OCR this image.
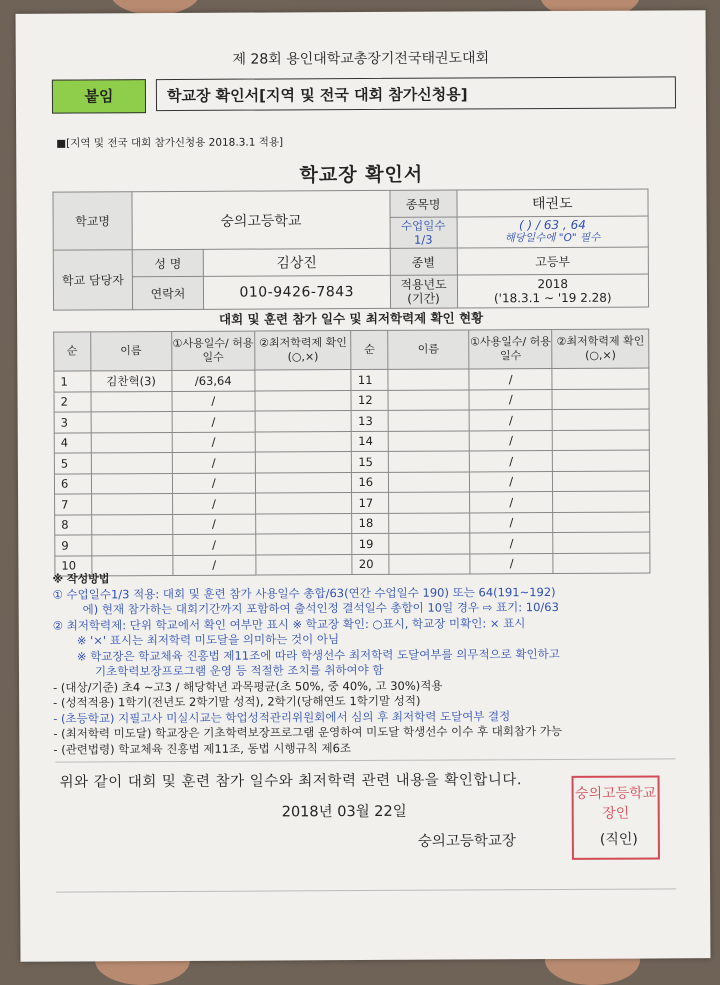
제 28회 용인대학교총장기전국태권도대회
붙임	학교장 확인서[지역 및 전국 대회 참가신청용]
■[지역 및 전국 대회 참가신청용 2018.3.1 적용]
학교장 확인서
학교명	숭의고등학교		종목명	태권도
			수업일수 1/3	( ) / 63 , 64
해당일수에 "O" 필수

학교 담당자	성 명	김상진	종별	고등부
	연락처	010-9426-7843	적용년도 (기간)	2018
('18.3.1 ~ '19 2.28)
대회 및 훈련 참가 일수 및 최저학력제 확인 현황
순	이름	①사용일수/ 허용일수	②최저학력제 확인(○,×)	순	이름	①사용일수/ 허용일수	②최저학력제 확인(○,×)
1	김찬혁(3)	/63,64		11		/	
2		/		12		/	
3		/		13		/	
4		/		14		/	
5		/		15		/	
6		/		16		/	
7		/		17		/	
8		/		18		/	
9		/		19		/	
10		/		20		/	
※ 작성방법
① 수업일수1/3 적용: 대회 및 훈련 참가 사용일수 총합/63(연간 수업일수 190) 또는 64(191~192)
에) 현재 참가하는 대회기간까지 포함하여 출석인정 결석일수 총합이 10일 경우 ⇨ 표기: 10/63
② 최저학력제: 단위 학교에서 확인 여부만 표시 ※ 학교장 확인: ○표시, 학교장 미확인: × 표시
※ '×' 표시는 최저학력 미도달을 의미하는 것이 아님
※ 학교장은 학교체육 진흥법 제11조에 따라 학생선수 최저학력 도달여부를 의무적으로 확인하고
기초학력보장프로그램 운영 등 적절한 조치를 취하여야 함
- (대상/기준) 초4 ~고3 / 해당학년 과목평균(초 50%, 중 40%, 고 30%)적용
- (성적적용) 1학기(전년도 2학기말 성적), 2학기(당해연도 1학기말 성적)
- (초등학교) 지필고사 미실시교는 학업성적관리위원회에서 심의 후 최저학력 도달여부 결정
- (최저학력 미도달) 학교장은 기초학력보장프로그램 운영하여 미도달 학생선수 이수 후 대회참가 가능
- (관련법령) 학교체육 진흥법 제11조, 동법 시행규칙 제6조
위와 같이 대회 및 훈련 참가 일수와 최저학력 관련 내용을 확인합니다.
2018년 03월 22일
숭의고등학교장
숭의고등학교장인
(직인)
